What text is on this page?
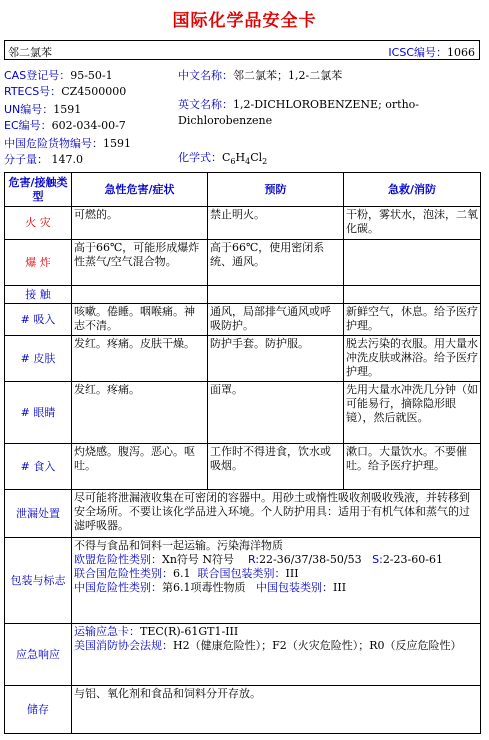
国际化学品安全卡
邻二氯苯	ICSC编号：1066
CAS登记号：95-50-1
RTECS号：CZ4500000
UN编号：1591
EC编号：602-034-00-7
中国危险货物编号：1591
分子量： 147.0
中文名称：邻二氯苯；1,2-二氯苯
英文名称：1,2-DICHLOROBENZENE; ortho-Dichlorobenzene
化学式：$C_6H_4Cl_2$
危害/接触类型	急性危害/症状	预防	急救/消防
火 灾	可燃的。	禁止明火。	干粉，雾状水，泡沫，二氧化碳。
爆 炸	高于66℃，可能形成爆炸性蒸气/空气混合物。	高于66℃，使用密闭系统、通风。	
接 触			
# 吸入	咳嗽。倦睡。咽喉痛。神志不清。	通风，局部排气通风或呼吸防护。	新鲜空气，休息。给予医疗护理。
# 皮肤	发红。疼痛。皮肤干燥。	防护手套。防护服。	脱去污染的衣服。用大量水冲洗皮肤或淋浴。给予医疗护理。
# 眼睛	发红。疼痛。	面罩。	先用大量水冲洗几分钟（如可能易行，摘除隐形眼镜），然后就医。
# 食入	灼烧感。腹泻。恶心。呕吐。	工作时不得进食，饮水或吸烟。	漱口。大量饮水。不要催吐。给予医疗护理。
泄漏处置	尽可能将泄漏液收集在可密闭的容器中。用砂土或惰性吸收剂吸收残液，并转移到安全场所。不要让该化学品进入环境。个人防护用具：适用于有机气体和蒸气的过滤呼吸器。		
包装与标志	不得与食品和饲料一起运输。污染海洋物质
欧盟危险性类别：Xn符号 N符号 R:22-36/37/38-50/53 S:2-23-60-61
联合国危险性类别：6.1 联合国包装类别：III
中国危险性类别：第6.1项毒性物质 中国包装类别：III		

应急响应	运输应急卡：TEC(R)-61GT1-III
美国消防协会法规：H2（健康危险性）；F2（火灾危险性）；R0（反应危险性）		

储存	与铝、氧化剂和食品和饲料分开存放。		
